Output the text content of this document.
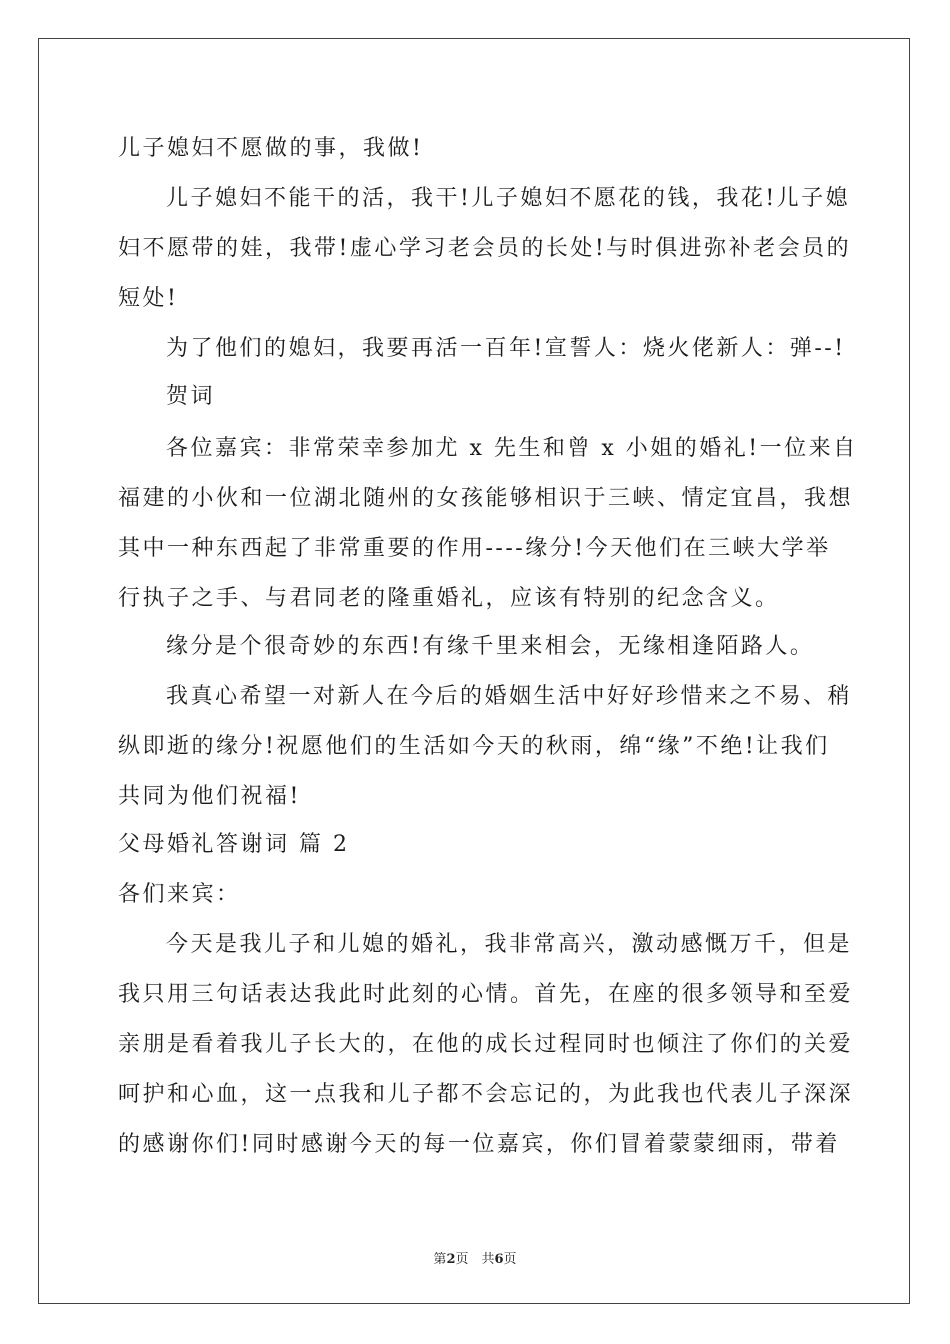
儿子媳妇不愿做的事，我做!
儿子媳妇不能干的活，我干!儿子媳妇不愿花的钱，我花!儿子媳
妇不愿带的娃，我带!虚心学习老会员的长处!与时俱进弥补老会员的
短处!
为了他们的媳妇，我要再活一百年!宣誓人：烧火佬新人：弹--!
贺词
各位嘉宾：非常荣幸参加尤 x 先生和曾 x 小姐的婚礼!一位来自
福建的小伙和一位湖北随州的女孩能够相识于三峡、情定宜昌，我想
其中一种东西起了非常重要的作用----缘分!今天他们在三峡大学举
行执子之手、与君同老的隆重婚礼，应该有特别的纪念含义。
缘分是个很奇妙的东西!有缘千里来相会，无缘相逢陌路人。
我真心希望一对新人在今后的婚姻生活中好好珍惜来之不易、稍
纵即逝的缘分!祝愿他们的生活如今天的秋雨，绵“缘”不绝!让我们
共同为他们祝福!
父母婚礼答谢词 篇 2
各们来宾：
今天是我儿子和儿媳的婚礼，我非常高兴，激动感慨万千，但是
我只用三句话表达我此时此刻的心情。首先，在座的很多领导和至爱
亲朋是看着我儿子长大的，在他的成长过程同时也倾注了你们的关爱
呵护和心血，这一点我和儿子都不会忘记的，为此我也代表儿子深深
的感谢你们!同时感谢今天的每一位嘉宾，你们冒着蒙蒙细雨，带着
第2页　共6页
